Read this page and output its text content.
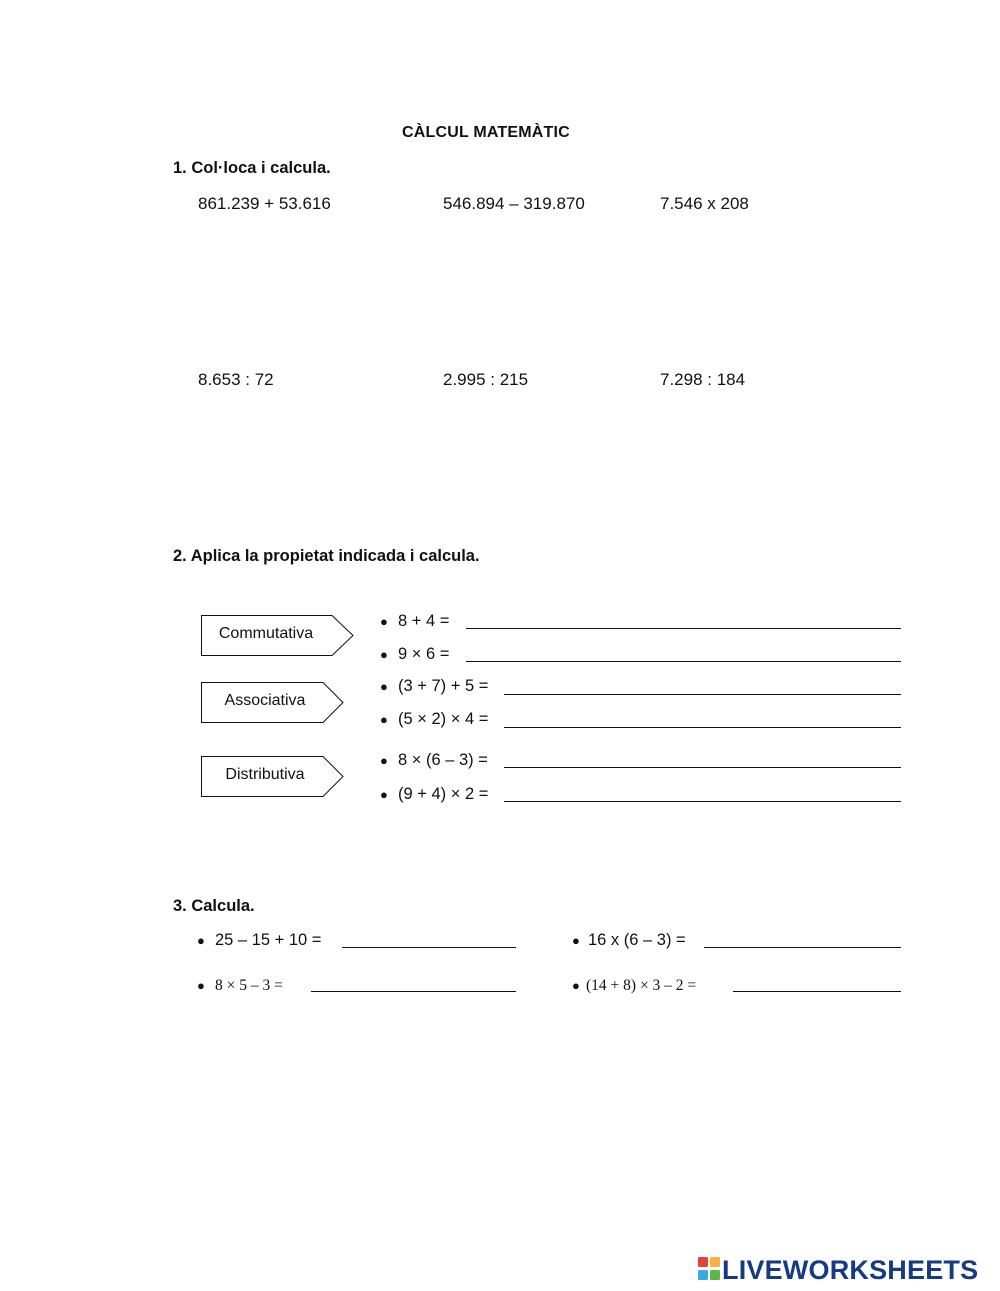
CÀLCUL MATEMÀTIC
1. Col·loca i calcula.
861.239 + 53.616	546.894 – 319.870	7.546 x 208
8.653 : 72	2.995 : 215	7.298 : 184
2. Aplica la propietat indicada i calcula.
Commutativa
Associativa
Distributiva
● 8 + 4 =
● 9 × 6 =
● (3 + 7) + 5 =
● (5 × 2) × 4 =
● 8 × (6 – 3) =
● (9 + 4) × 2 =
3. Calcula.
● 25 – 15 + 10 =	● 16 x (6 – 3) =
● 8 × 5 – 3 =	● (14 + 8) × 3 – 2 =
LIVEWORKSHEETS
